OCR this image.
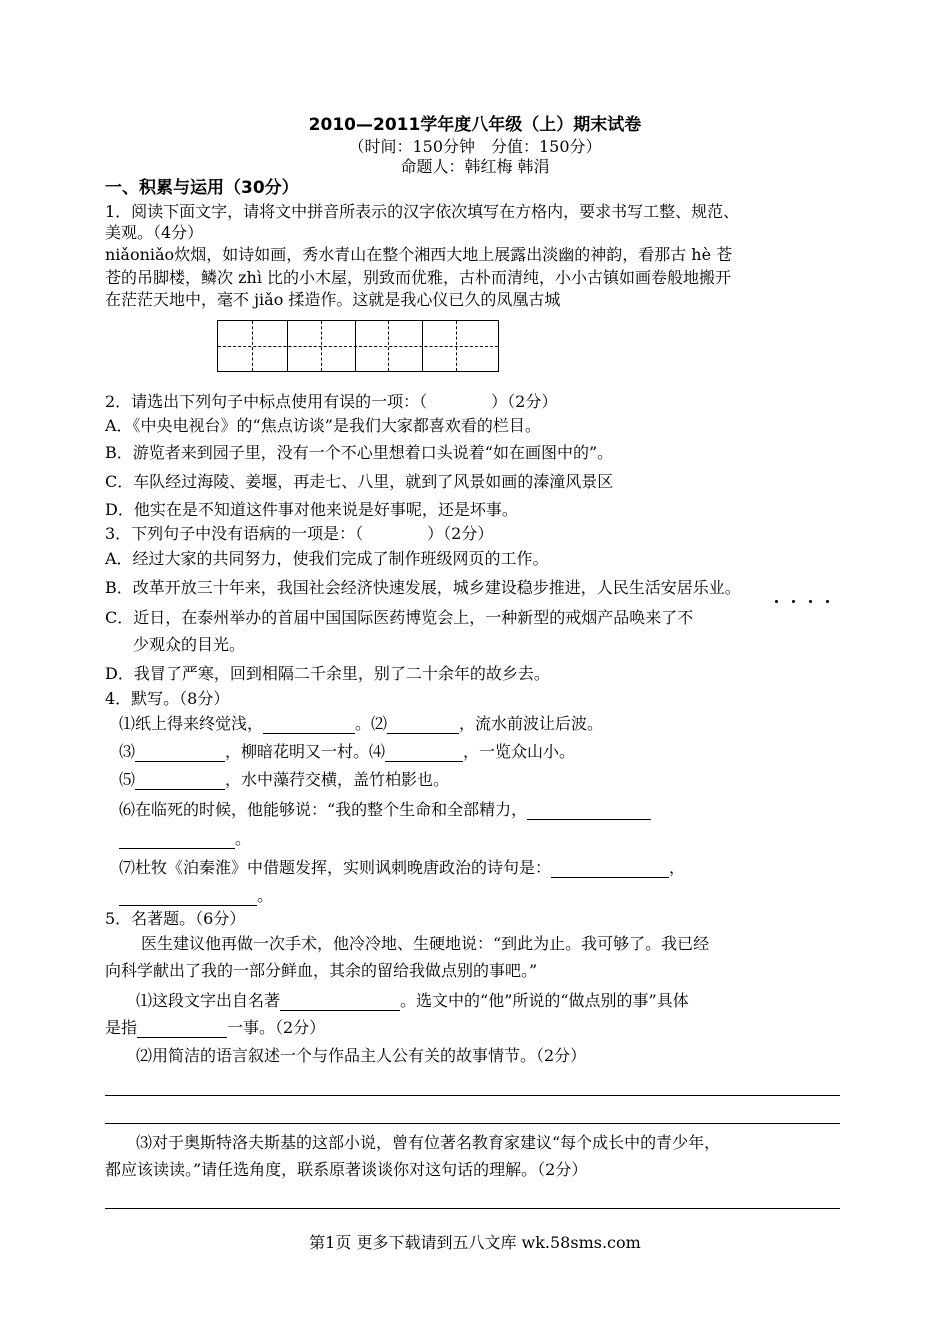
2010—2011学年度八年级（上）期末试卷
（时间：150分钟　分值：150分）
命题人：韩红梅 韩涓
一、积累与运用（30分）
1．阅读下面文字，请将文中拼音所表示的汉字依次填写在方格内，要求书写工整、规范、
美观。（4分）
niǎoniǎo炊烟，如诗如画，秀水青山在整个湘西大地上展露出淡幽的神韵，看那古 hè 苍
苍的吊脚楼，鳞次 zhì 比的小木屋，别致而优雅，古朴而清纯，小小古镇如画卷般地搬开
在茫茫天地中，毫不 jiǎo 揉造作。这就是我心仪已久的凤凰古城
2．请选出下列句子中标点使用有误的一项：（　　　　）（2分）
A．《中央电视台》的“焦点访谈”是我们大家都喜欢看的栏目。
B．游览者来到园子里，没有一个不心里想着口头说着“如在画图中的”。
C．车队经过海陵、姜堰，再走七、八里，就到了风景如画的溱潼风景区
D．他实在是不知道这件事对他来说是好事呢，还是坏事。
3．下列句子中没有语病的一项是：（　　　　）（2分）
A．经过大家的共同努力，使我们完成了制作班级网页的工作。
B．改革开放三十年来，我国社会经济快速发展，城乡建设稳步推进，人民生活安居乐业。
C．近日，在泰州举办的首届中国国际医药博览会上，一种新型的戒烟产品唤来了不
少观众的目光。
D．我冒了严寒，回到相隔二千余里，别了二十余年的故乡去。
4．默写。（8分）
⑴纸上得来终觉浅，	。⑵	，流水前波让后波。
⑶	，柳暗花明又一村。⑷	，一览众山小。
⑸	，水中藻荇交横，盖竹柏影也。
⑹在临死的时候，他能够说：“我的整个生命和全部精力，
。
⑺杜牧《泊秦淮》中借题发挥，实则讽刺晚唐政治的诗句是：	，
。
5．名著题。（6分）
医生建议他再做一次手术，他冷冷地、生硬地说：“到此为止。我可够了。我已经
向科学献出了我的一部分鲜血，其余的留给我做点别的事吧。”
⑴这段文字出自名著	。选文中的“他”所说的“做点别的事”具体
是指	一事。（2分）
⑵用简洁的语言叙述一个与作品主人公有关的故事情节。（2分）
⑶对于奥斯特洛夫斯基的这部小说，曾有位著名教育家建议“每个成长中的青少年，
都应该读读。”请任选角度，联系原著谈谈你对这句话的理解。（2分）
第1页 更多下载请到五八文库 wk.58sms.com
